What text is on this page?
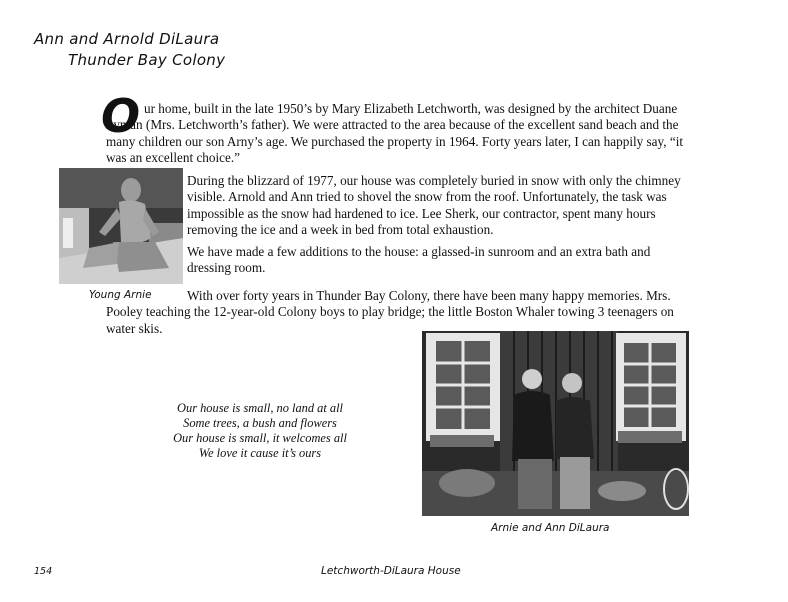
Ann and Arnold DiLaura
Thunder Bay Colony
O ur home, built in the late 1950’s by Mary Elizabeth Letchworth, was designed by the architect Duane Lyman (Mrs. Letchworth’s father). We were attracted to the area because of the excellent sand beach and the many children our son Arny’s age. We purchased the property in 1964. Forty years later, I can happily say, “it was an excellent choice.”

Young Arnie

During the blizzard of 1977, our house was completely buried in snow with only the chimney visible. Arnold and Ann tried to shovel the snow from the roof. Unfortunately, the task was impossible as the snow had hardened to ice. Lee Sherk, our contractor, spent many hours removing the ice and a week in bed from total exhaustion.

We have made a few additions to the house: a glassed-in sunroom and an extra bath and dressing room.

With over forty years in Thunder Bay Colony, there have been many happy memories. Mrs. Pooley teaching the 12-year-old Colony boys to play bridge; the little Boston Whaler towing 3 teenagers on water skis.

Arnie and Ann DiLaura
Our house is small, no land at all
Some trees, a bush and flowers
Our house is small, it welcomes all
We love it cause it’s ours
154	Letchworth-DiLaura House
